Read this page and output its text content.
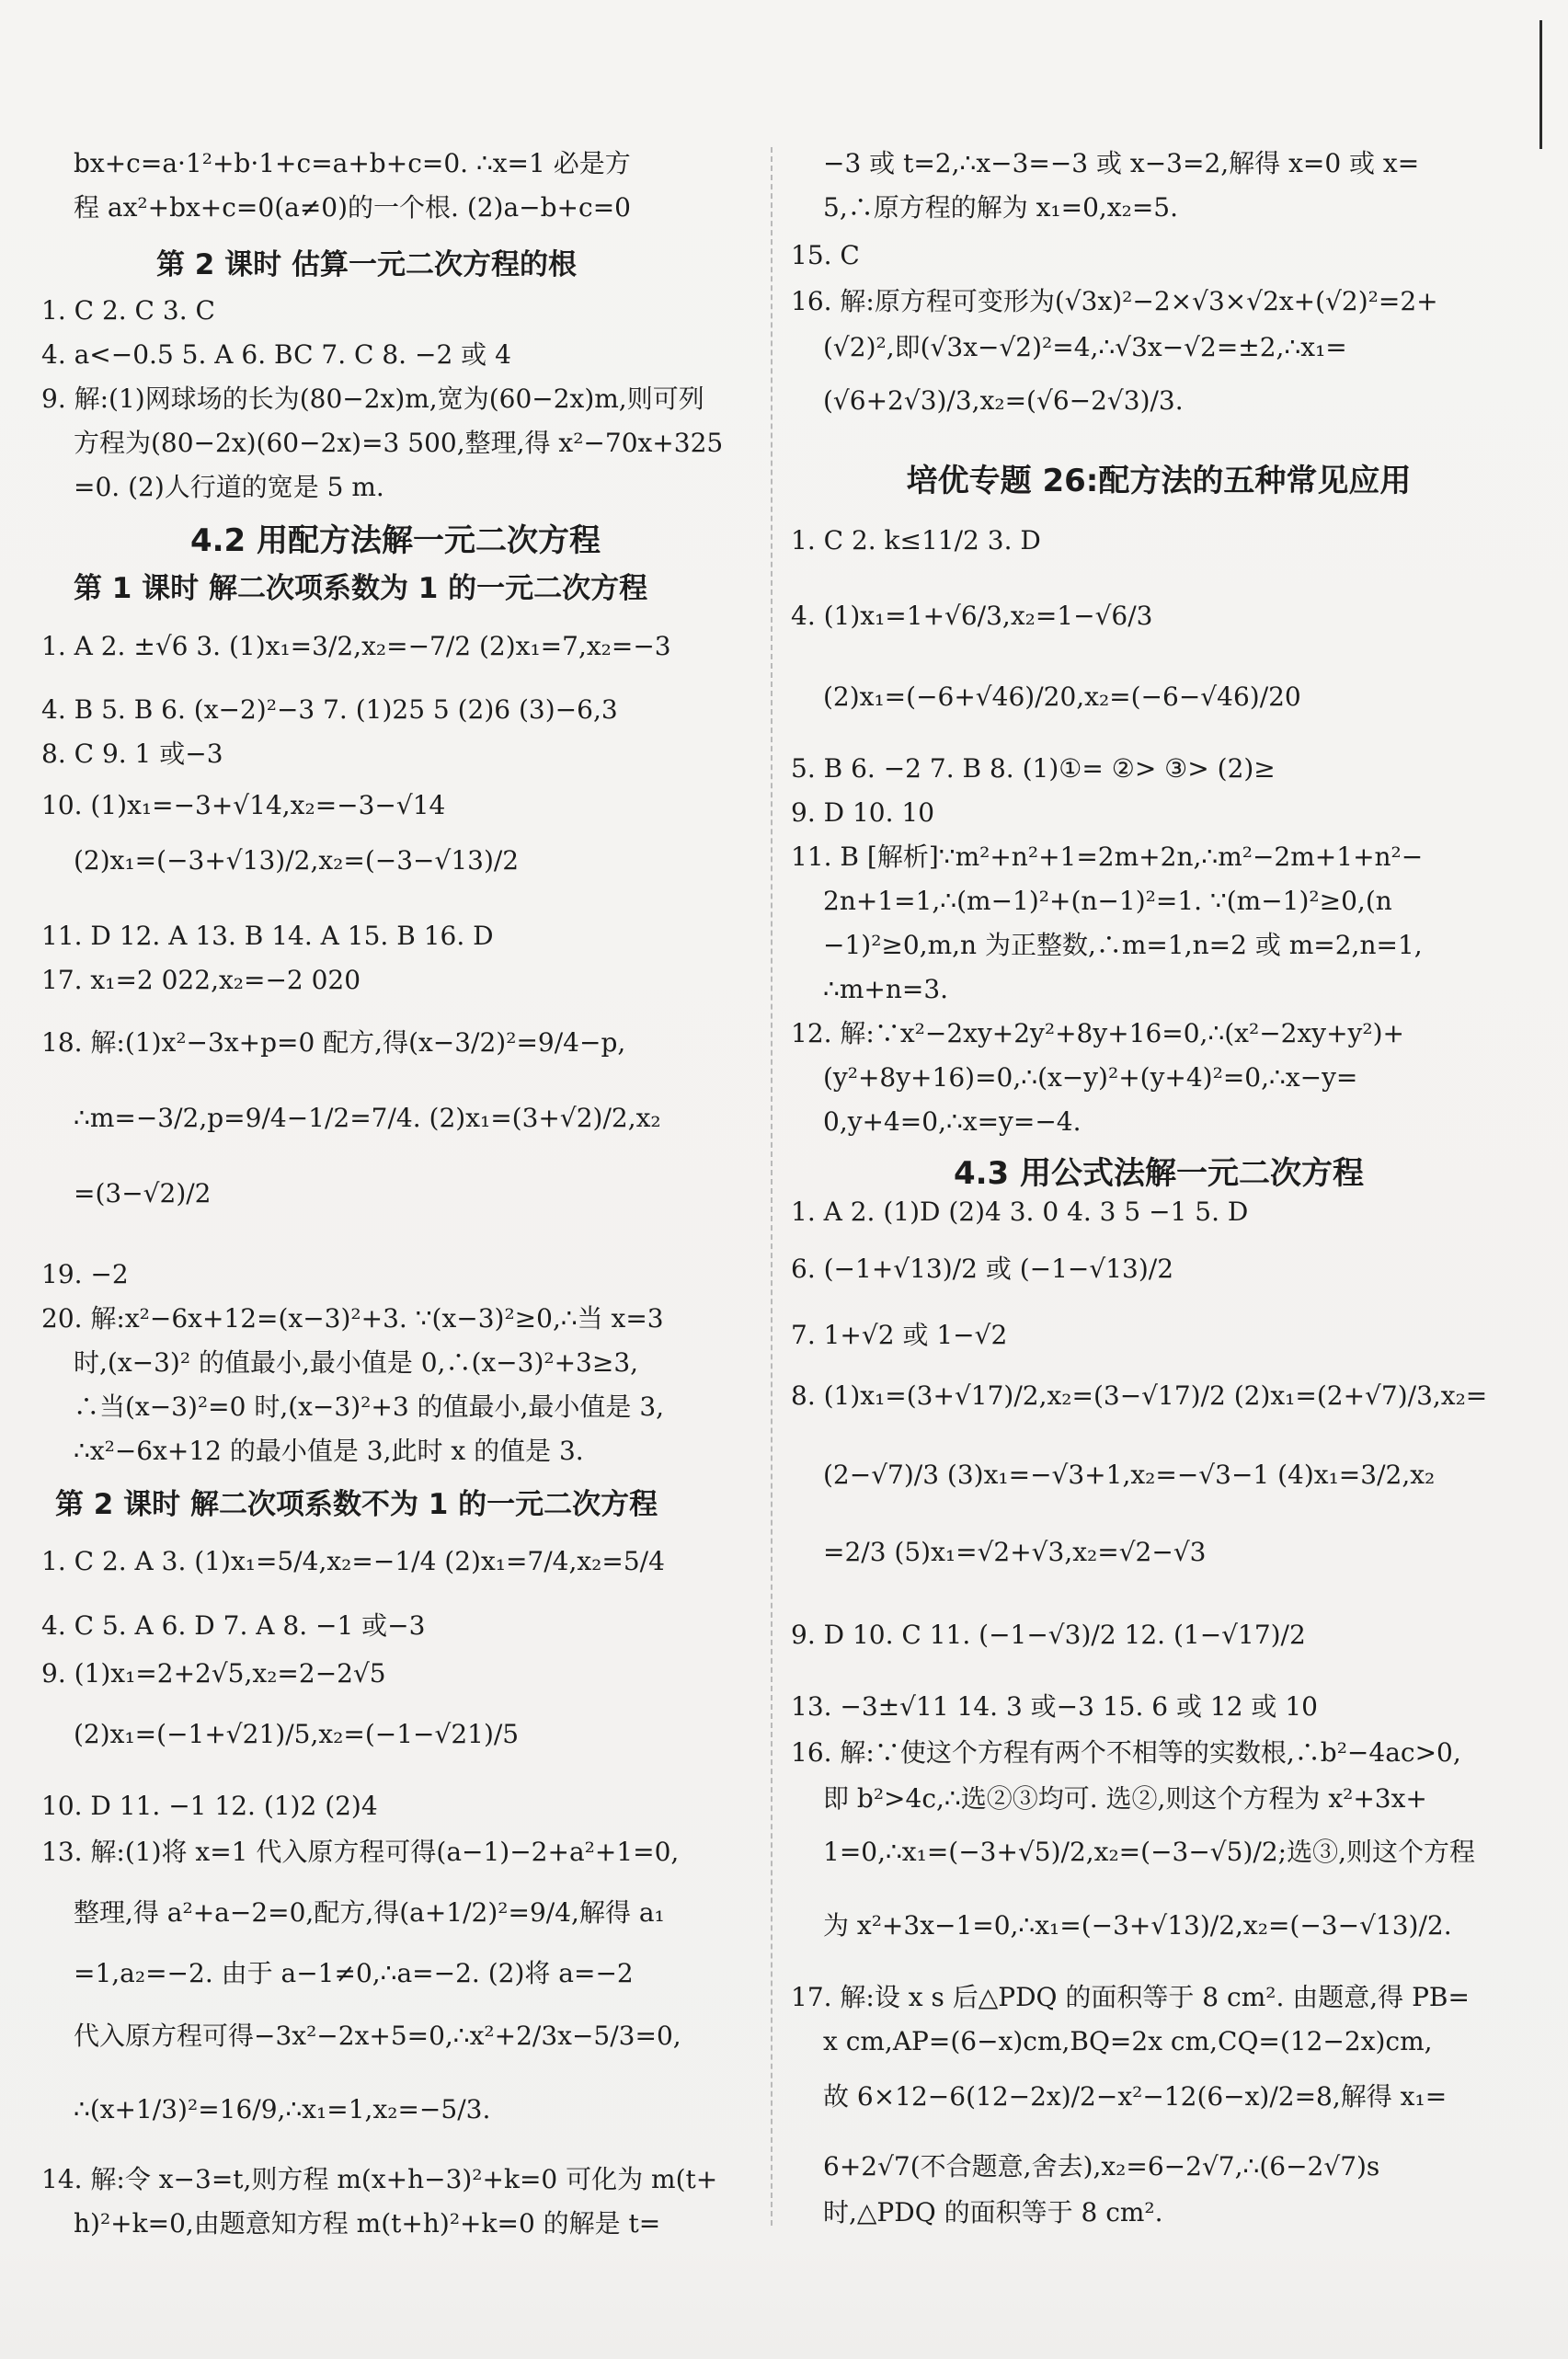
bx+c=a·1²+b·1+c=a+b+c=0. ∴x=1 必是方
程 ax²+bx+c=0(a≠0)的一个根. (2)a−b+c=0
第 2 课时 估算一元二次方程的根
1. C 2. C 3. C
4. a<−0.5 5. A 6. BC 7. C 8. −2 或 4
9. 解:(1)网球场的长为(80−2x)m,宽为(60−2x)m,则可列
方程为(80−2x)(60−2x)=3 500,整理,得 x²−70x+325
=0. (2)人行道的宽是 5 m.
4.2 用配方法解一元二次方程
第 1 课时 解二次项系数为 1 的一元二次方程
1. A 2. ±√6 3. (1)x₁=3/2,x₂=−7/2 (2)x₁=7,x₂=−3
4. B 5. B 6. (x−2)²−3 7. (1)25 5 (2)6 (3)−6,3
8. C 9. 1 或−3
10. (1)x₁=−3+√14,x₂=−3−√14
(2)x₁=(−3+√13)/2,x₂=(−3−√13)/2
11. D 12. A 13. B 14. A 15. B 16. D
17. x₁=2 022,x₂=−2 020
18. 解:(1)x²−3x+p=0 配方,得(x−3/2)²=9/4−p,
∴m=−3/2,p=9/4−1/2=7/4. (2)x₁=(3+√2)/2,x₂
=(3−√2)/2
19. −2
20. 解:x²−6x+12=(x−3)²+3. ∵(x−3)²≥0,∴当 x=3
时,(x−3)² 的值最小,最小值是 0,∴(x−3)²+3≥3,
∴当(x−3)²=0 时,(x−3)²+3 的值最小,最小值是 3,
∴x²−6x+12 的最小值是 3,此时 x 的值是 3.
第 2 课时 解二次项系数不为 1 的一元二次方程
1. C 2. A 3. (1)x₁=5/4,x₂=−1/4 (2)x₁=7/4,x₂=5/4
4. C 5. A 6. D 7. A 8. −1 或−3
9. (1)x₁=2+2√5,x₂=2−2√5
(2)x₁=(−1+√21)/5,x₂=(−1−√21)/5
10. D 11. −1 12. (1)2 (2)4
13. 解:(1)将 x=1 代入原方程可得(a−1)−2+a²+1=0,
整理,得 a²+a−2=0,配方,得(a+1/2)²=9/4,解得 a₁
=1,a₂=−2. 由于 a−1≠0,∴a=−2. (2)将 a=−2
代入原方程可得−3x²−2x+5=0,∴x²+2/3x−5/3=0,
∴(x+1/3)²=16/9,∴x₁=1,x₂=−5/3.
14. 解:令 x−3=t,则方程 m(x+h−3)²+k=0 可化为 m(t+
h)²+k=0,由题意知方程 m(t+h)²+k=0 的解是 t=
−3 或 t=2,∴x−3=−3 或 x−3=2,解得 x=0 或 x=
5,∴原方程的解为 x₁=0,x₂=5.
15. C
16. 解:原方程可变形为(√3x)²−2×√3×√2x+(√2)²=2+
(√2)²,即(√3x−√2)²=4,∴√3x−√2=±2,∴x₁=
(√6+2√3)/3,x₂=(√6−2√3)/3.
培优专题 26:配方法的五种常见应用
1. C 2. k≤11/2 3. D
4. (1)x₁=1+√6/3,x₂=1−√6/3
(2)x₁=(−6+√46)/20,x₂=(−6−√46)/20
5. B 6. −2 7. B 8. (1)①= ②> ③> (2)≥
9. D 10. 10
11. B [解析]∵m²+n²+1=2m+2n,∴m²−2m+1+n²−
2n+1=1,∴(m−1)²+(n−1)²=1. ∵(m−1)²≥0,(n
−1)²≥0,m,n 为正整数,∴m=1,n=2 或 m=2,n=1,
∴m+n=3.
12. 解:∵x²−2xy+2y²+8y+16=0,∴(x²−2xy+y²)+
(y²+8y+16)=0,∴(x−y)²+(y+4)²=0,∴x−y=
0,y+4=0,∴x=y=−4.
4.3 用公式法解一元二次方程
1. A 2. (1)D (2)4 3. 0 4. 3 5 −1 5. D
6. (−1+√13)/2 或 (−1−√13)/2
7. 1+√2 或 1−√2
8. (1)x₁=(3+√17)/2,x₂=(3−√17)/2 (2)x₁=(2+√7)/3,x₂=
(2−√7)/3 (3)x₁=−√3+1,x₂=−√3−1 (4)x₁=3/2,x₂
=2/3 (5)x₁=√2+√3,x₂=√2−√3
9. D 10. C 11. (−1−√3)/2 12. (1−√17)/2
13. −3±√11 14. 3 或−3 15. 6 或 12 或 10
16. 解:∵使这个方程有两个不相等的实数根,∴b²−4ac>0,
即 b²>4c,∴选②③均可. 选②,则这个方程为 x²+3x+
1=0,∴x₁=(−3+√5)/2,x₂=(−3−√5)/2;选③,则这个方程
为 x²+3x−1=0,∴x₁=(−3+√13)/2,x₂=(−3−√13)/2.
17. 解:设 x s 后△PDQ 的面积等于 8 cm². 由题意,得 PB=
x cm,AP=(6−x)cm,BQ=2x cm,CQ=(12−2x)cm,
故 6×12−6(12−2x)/2−x²−12(6−x)/2=8,解得 x₁=
6+2√7(不合题意,舍去),x₂=6−2√7,∴(6−2√7)s
时,△PDQ 的面积等于 8 cm².
